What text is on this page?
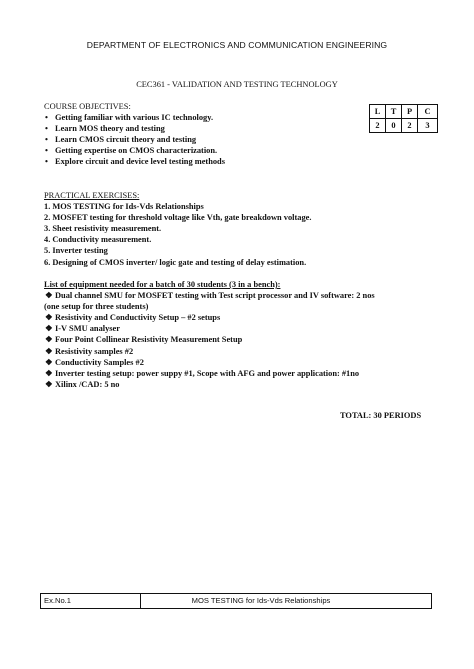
DEPARTMENT OF ELECTRONICS AND COMMUNICATION ENGINEERING
CEC361 - VALIDATION AND TESTING TECHNOLOGY
L	T	P	C
2	0	2	3
COURSE OBJECTIVES:
• Getting familiar with various IC technology.
• Learn MOS theory and testing
• Learn CMOS circuit theory and testing
• Getting expertise on CMOS characterization.
• Explore circuit and device level testing methods
PRACTICAL EXERCISES:
1. MOS TESTING for Ids-Vds Relationships
2. MOSFET testing for threshold voltage like Vth, gate breakdown voltage.
3. Sheet resistivity measurement.
4. Conductivity measurement.
5. Inverter testing
6. Designing of CMOS inverter/ logic gate and testing of delay estimation.
List of equipment needed for a batch of 30 students (3 in a bench):
❖ Dual channel SMU for MOSFET testing with Test script processor and IV software: 2 nos
(one setup for three students)
❖ Resistivity and Conductivity Setup – #2 setups
❖ I-V SMU analyser
❖ Four Point Collinear Resistivity Measurement Setup
❖ Resistivity samples #2
❖ Conductivity Samples #2
❖ Inverter testing setup: power suppy #1, Scope with AFG and power application: #1no
❖ Xilinx /CAD: 5 no
TOTAL: 30 PERIODS
Ex.No.1	MOS TESTING for Ids-Vds Relationships
